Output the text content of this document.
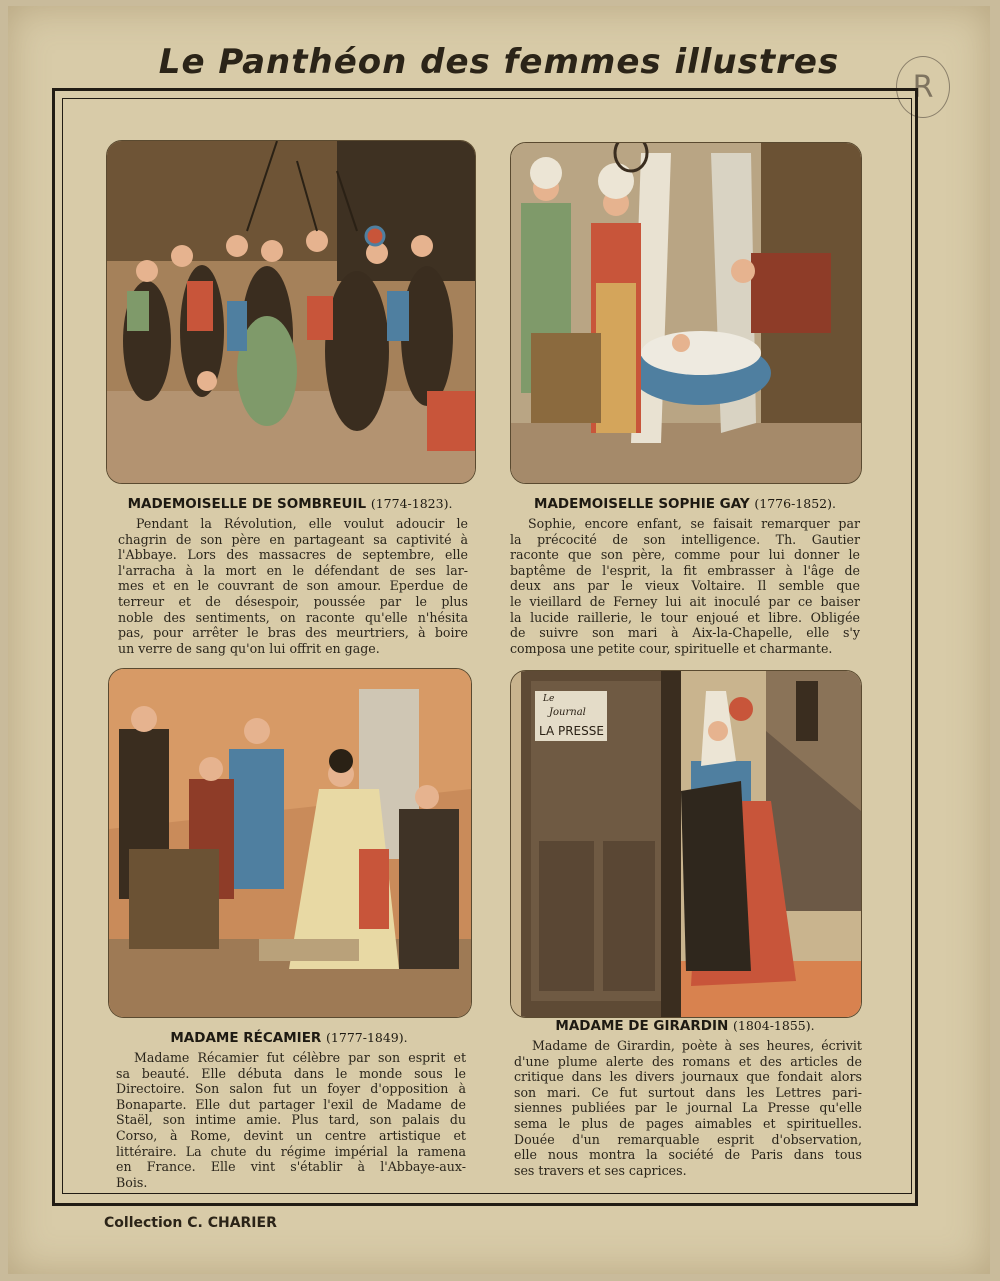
Le Panthéon des femmes illustres
R
MADEMOISELLE DE SOMBREUIL (1774-1823).
Pendant la Révolution, elle voulut adoucir le
chagrin de son père en partageant sa captivité à
l'Abbaye. Lors des massacres de septembre, elle
l'arracha à la mort en le défendant de ses lar-
mes et en le couvrant de son amour. Eperdue de
terreur et de désespoir, poussée par le plus
noble des sentiments, on raconte qu'elle n'hésita
pas, pour arrêter le bras des meurtriers, à boire
un verre de sang qu'on lui offrit en gage.
MADEMOISELLE SOPHIE GAY (1776-1852).
Sophie, encore enfant, se faisait remarquer par
la précocité de son intelligence. Th. Gautier
raconte que son père, comme pour lui donner le
baptême de l'esprit, la fit embrasser à l'âge de
deux ans par le vieux Voltaire. Il semble que
le vieillard de Ferney lui ait inoculé par ce baiser
la lucide raillerie, le tour enjoué et libre. Obligée
de suivre son mari à Aix-la-Chapelle, elle s'y
composa une petite cour, spirituelle et charmante.
MADAME RÉCAMIER (1777-1849).
Madame Récamier fut célèbre par son esprit et
sa beauté. Elle débuta dans le monde sous le
Directoire. Son salon fut un foyer d'opposition à
Bonaparte. Elle dut partager l'exil de Madame de
Staël, son intime amie. Plus tard, son palais du
Corso, à Rome, devint un centre artistique et
littéraire. La chute du régime impérial la ramena
en France. Elle vint s'établir à l'Abbaye-aux-
Bois.
Le
Journal
LA PRESSE
MADAME DE GIRARDIN (1804-1855).
Madame de Girardin, poète à ses heures, écrivit
d'une plume alerte des romans et des articles de
critique dans les divers journaux que fondait alors
son mari. Ce fut surtout dans les Lettres pari-
siennes publiées par le journal La Presse qu'elle
sema le plus de pages aimables et spirituelles.
Douée d'un remarquable esprit d'observation,
elle nous montra la société de Paris dans tous
ses travers et ses caprices.
Collection C. CHARIER
